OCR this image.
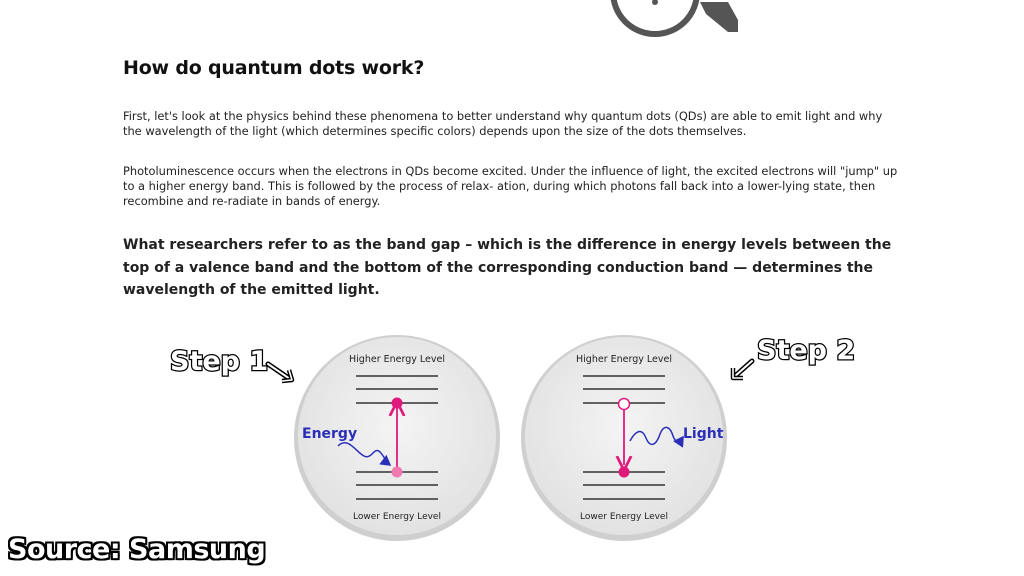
How do quantum dots work?

First, let's look at the physics behind these phenomena to better understand why quantum dots (QDs) are able to emit light and why the wavelength of the light (which determines specific colors) depends upon the size of the dots themselves.

Photoluminescence occurs when the electrons in QDs become excited. Under the influence of light, the excited electrons will "jump" up to a higher energy band. This is followed by the process of relax- ation, during which photons fall back into a lower-lying state, then recombine and re-radiate in bands of energy.

What researchers refer to as the band gap – which is the difference in energy levels between the top of a valence band and the bottom of the corresponding conduction band — determines the wavelength of the emitted light.

Step 1	Higher Energy Level
Energy
Lower Energy Level
Higher Energy Level
Light
Lower Energy Level
Step 2

Source: Samsung
